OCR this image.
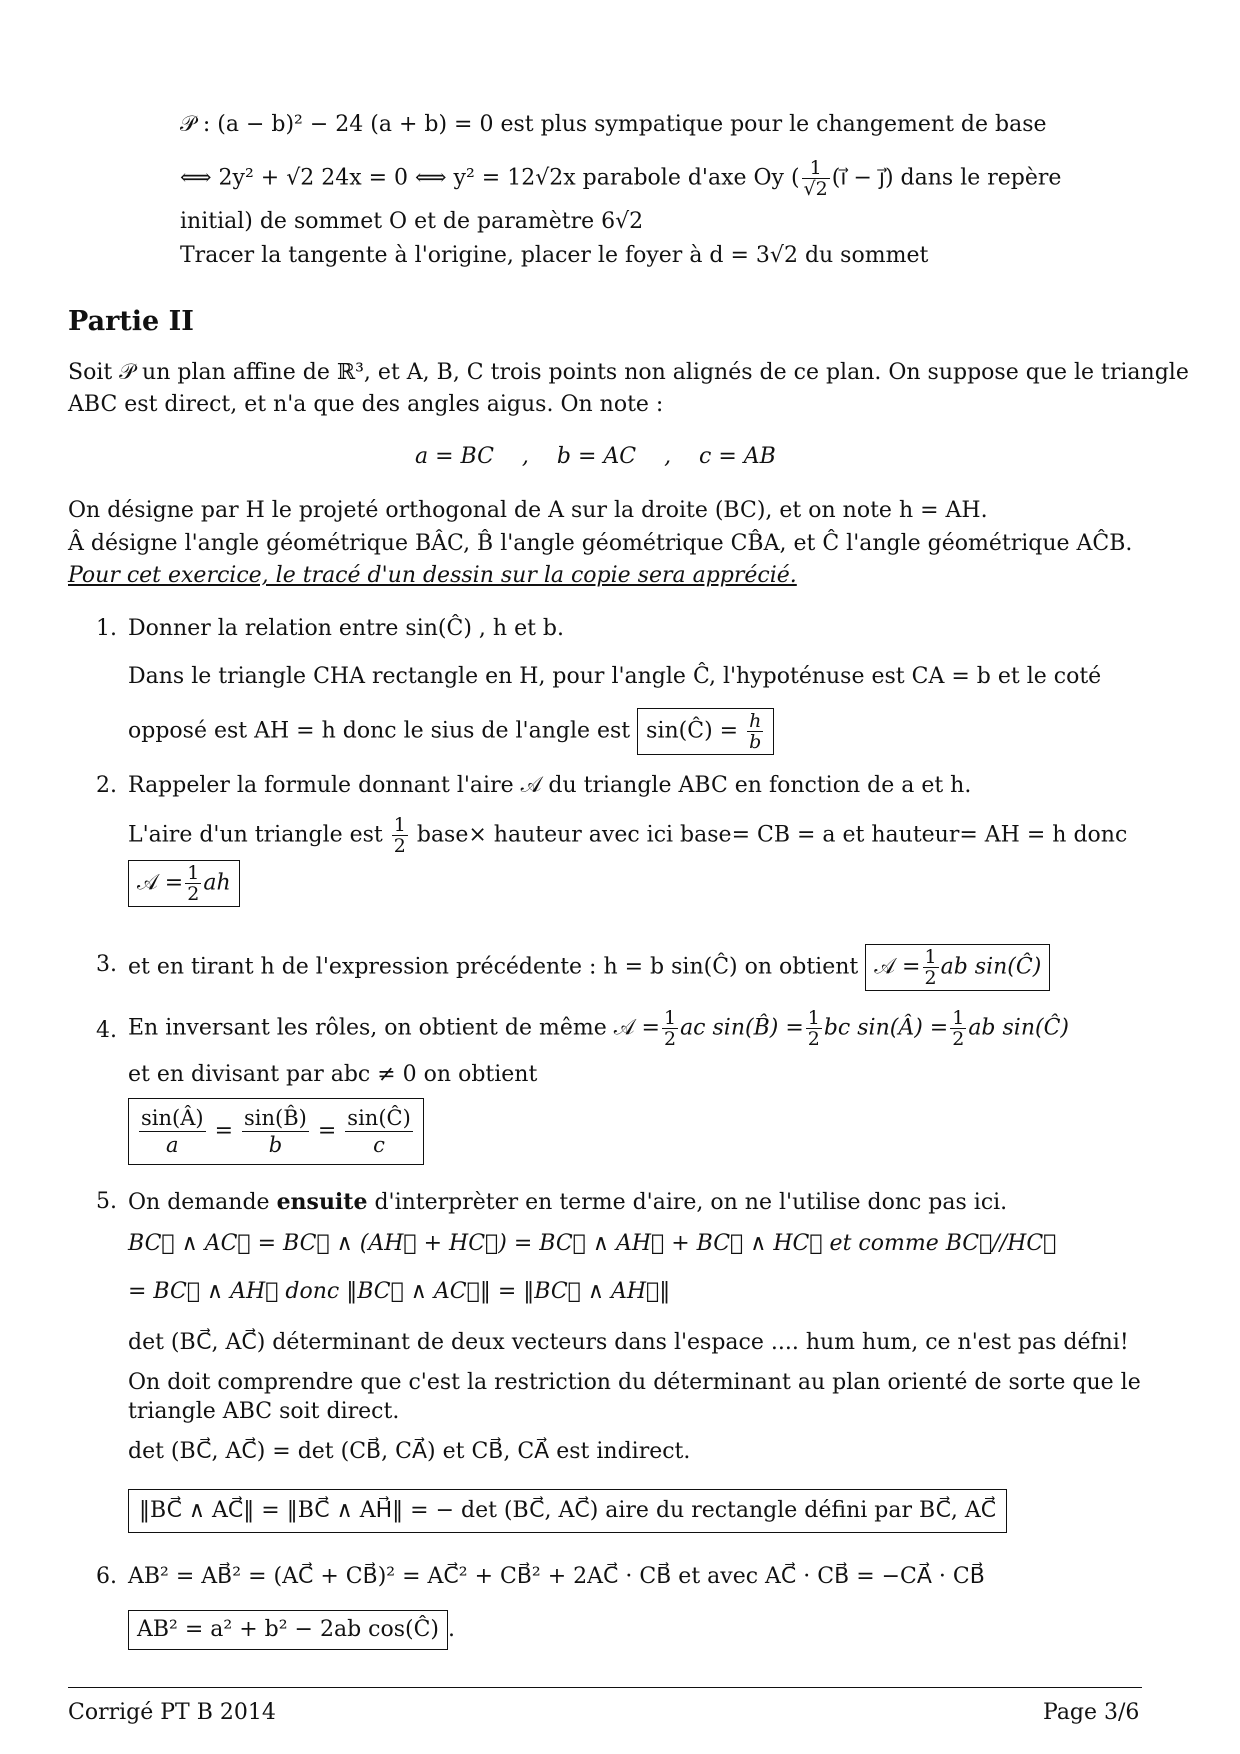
𝒫 : (a − b)² − 24 (a + b) = 0 est plus sympatique pour le changement de base
⟺ 2y² + √2 24x = 0 ⟺ y² = 12√2x parabole d'axe Oy ( $\frac{1}{√2}$ (i⃗ − j⃗) dans le repère
initial) de sommet O et de paramètre 6√2
Tracer la tangente à l'origine, placer le foyer à d = 3√2 du sommet
Partie II
Soit 𝒫 un plan affine de ℝ³, et A, B, C trois points non alignés de ce plan. On suppose que le triangle
ABC est direct, et n'a que des angles aigus. On note :
a = BC    ,    b = AC    ,    c = AB
On désigne par H le projeté orthogonal de A sur la droite (BC), et on note h = AH.
Â désigne l'angle géométrique BÂC, B̂ l'angle géométrique CB̂A, et Ĉ l'angle géométrique AĈB.
Pour cet exercice, le tracé d'un dessin sur la copie sera apprécié.
1. Donner la relation entre sin(Ĉ) , h et b.
Dans le triangle CHA rectangle en H, pour l'angle Ĉ, l'hypoténuse est CA = b et le coté
opposé est AH = h donc le sius de l'angle est sin(Ĉ) = $\frac{h}{b}$
2. Rappeler la formule donnant l'aire 𝒜 du triangle ABC en fonction de a et h.
L'aire d'un triangle est $\frac{1}{2}$ base× hauteur avec ici base= CB = a et hauteur= AH = h donc
𝒜 = $\frac{1}{2}$ ah
3. et en tirant h de l'expression précédente : h = b sin(Ĉ) on obtient 𝒜 = $\frac{1}{2}$ ab sin(Ĉ)
4. En inversant les rôles, on obtient de même 𝒜 = $\frac{1}{2}$ ac sin(B̂) = $\frac{1}{2}$ bc sin(Â) = $\frac{1}{2}$ ab sin(Ĉ)
et en divisant par abc ≠ 0 on obtient
$\frac{\sin(Â)}{a} = \frac{\sin(B̂)}{b} = \frac{\sin(Ĉ)}{c}$
5. On demande ensuite d'interprèter en terme d'aire, on ne l'utilise donc pas ici.
BC⃗ ∧ AC⃗ = BC⃗ ∧ (AH⃗ + HC⃗) = BC⃗ ∧ AH⃗ + BC⃗ ∧ HC⃗ et comme BC⃗//HC⃗
= BC⃗ ∧ AH⃗ donc ‖BC⃗ ∧ AC⃗‖ = ‖BC⃗ ∧ AH⃗‖
det (BC⃗, AC⃗) déterminant de deux vecteurs dans l'espace .... hum hum, ce n'est pas défni!
On doit comprendre que c'est la restriction du déterminant au plan orienté de sorte que le
triangle ABC soit direct.
det (BC⃗, AC⃗) = det (CB⃗, CA⃗) et CB⃗, CA⃗ est indirect.
‖BC⃗ ∧ AC⃗‖ = ‖BC⃗ ∧ AH⃗‖ = − det (BC⃗, AC⃗) aire du rectangle défini par BC⃗, AC⃗
6. AB² = AB⃗² = (AC⃗ + CB⃗)² = AC⃗² + CB⃗² + 2AC⃗ · CB⃗ et avec AC⃗ · CB⃗ = −CA⃗ · CB⃗
AB² = a² + b² − 2ab cos(Ĉ) .
Corrigé PT B 2014	Page 3/6
